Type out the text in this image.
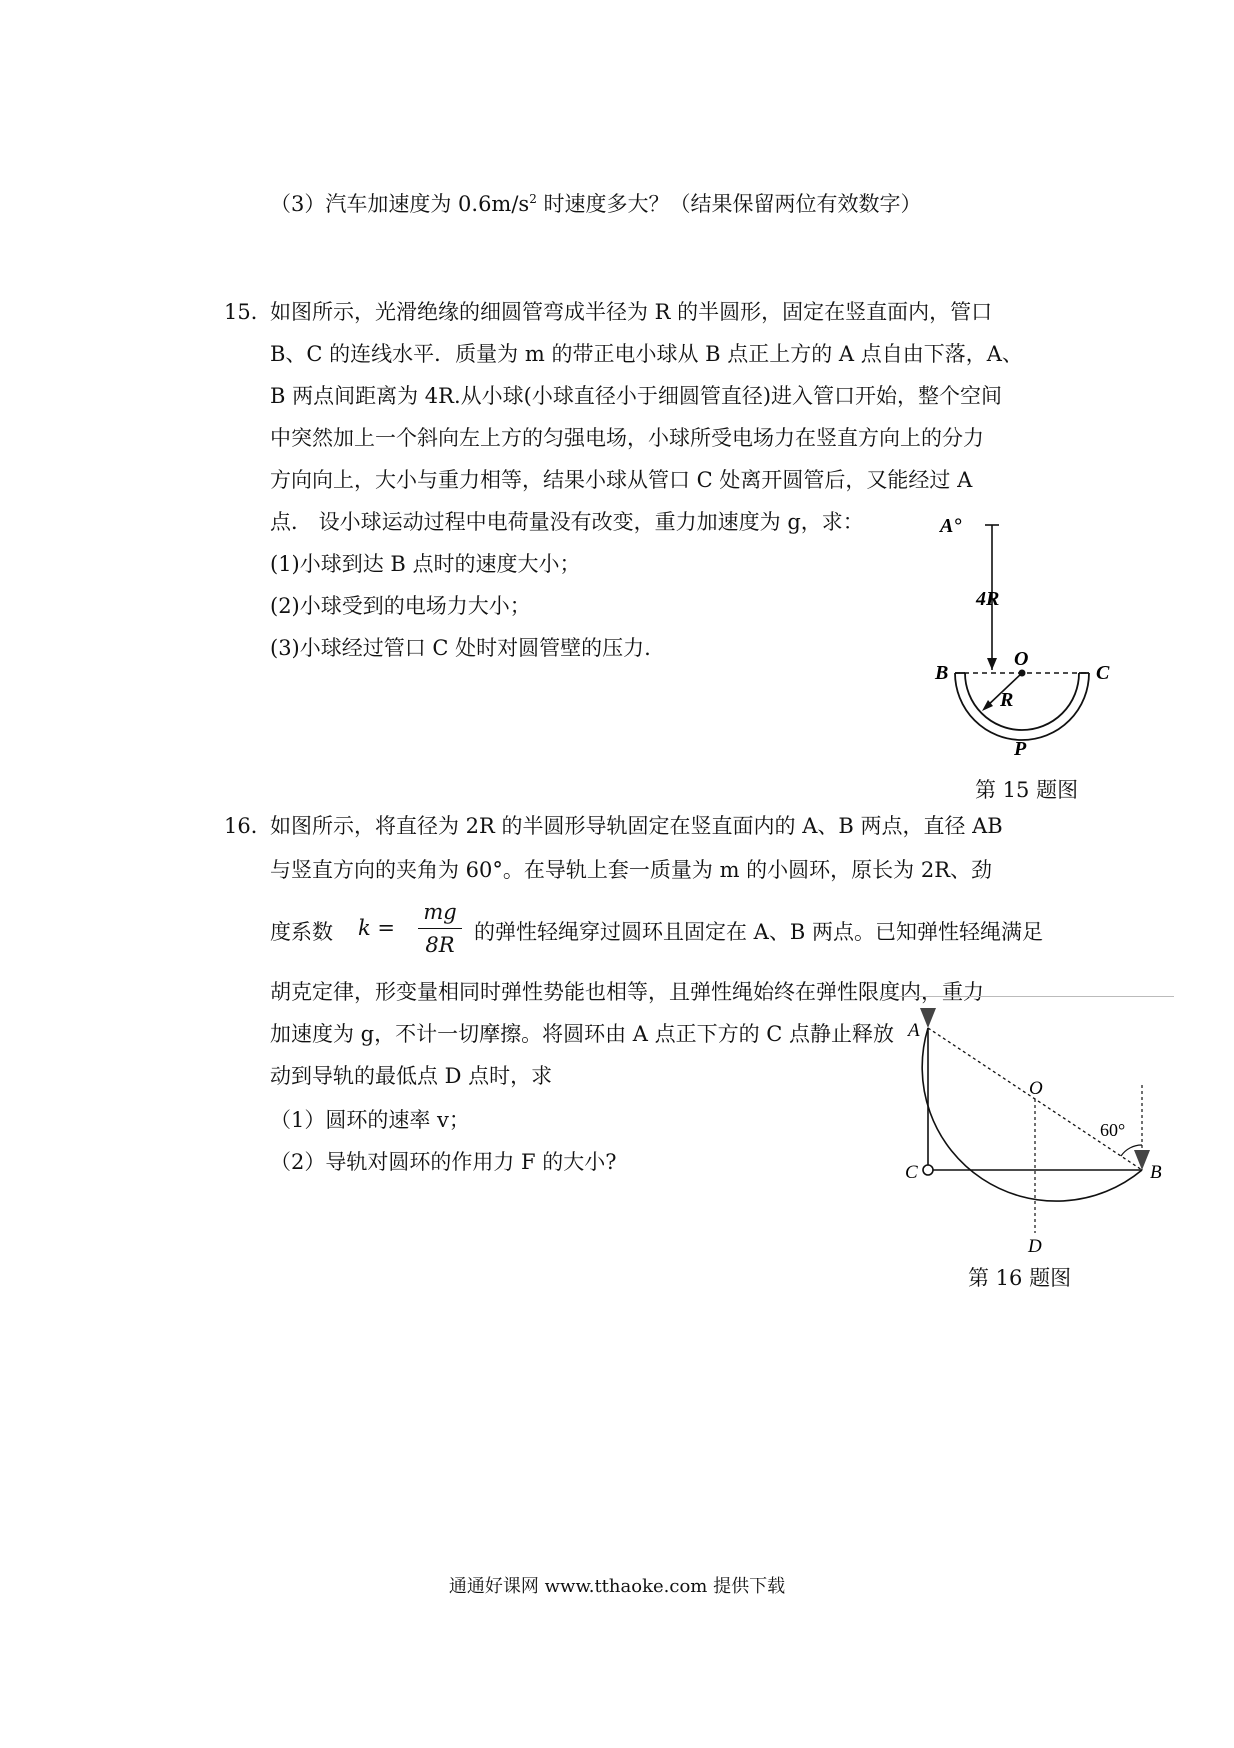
（3）汽车加速度为 $0.6m/s^2$ 时速度多大？（结果保留两位有效数字）
15．
如图所示，光滑绝缘的细圆管弯成半径为 R 的半圆形，固定在竖直面内，管口
B、C 的连线水平．质量为 m 的带正电小球从 B 点正上方的 A 点自由下落，A、
B 两点间距离为 4R.从小球(小球直径小于细圆管直径)进入管口开始，整个空间
中突然加上一个斜向左上方的匀强电场，小球所受电场力在竖直方向上的分力
方向向上，大小与重力相等，结果小球从管口 C 处离开圆管后，又能经过 A
点． 设小球运动过程中电荷量没有改变，重力加速度为 g，求：
(1)小球到达 B 点时的速度大小；
(2)小球受到的电场力大小；
(3)小球经过管口 C 处时对圆管壁的压力.
A°
4R
B
O
C
R
P
第 15 题图
16．
如图所示，将直径为 2R 的半圆形导轨固定在竖直面内的 A、B 两点，直径 AB
与竖直方向的夹角为 60°。在导轨上套一质量为 m 的小圆环，原长为 2R、劲
度系数 k =
mg
8R
的弹性轻绳穿过圆环且固定在 A、B 两点。已知弹性轻绳满足
胡克定律，形变量相同时弹性势能也相等，且弹性绳始终在弹性限度内，重力
加速度为 g，不计一切摩擦。将圆环由 A 点正下方的 C 点静止释放
动到导轨的最低点 D 点时，求
（1）圆环的速率 v；
（2）导轨对圆环的作用力 F 的大小?
A
O
60°
C	B
D
第 16 题图
通通好课网 www.tthaoke.com 提供下载
